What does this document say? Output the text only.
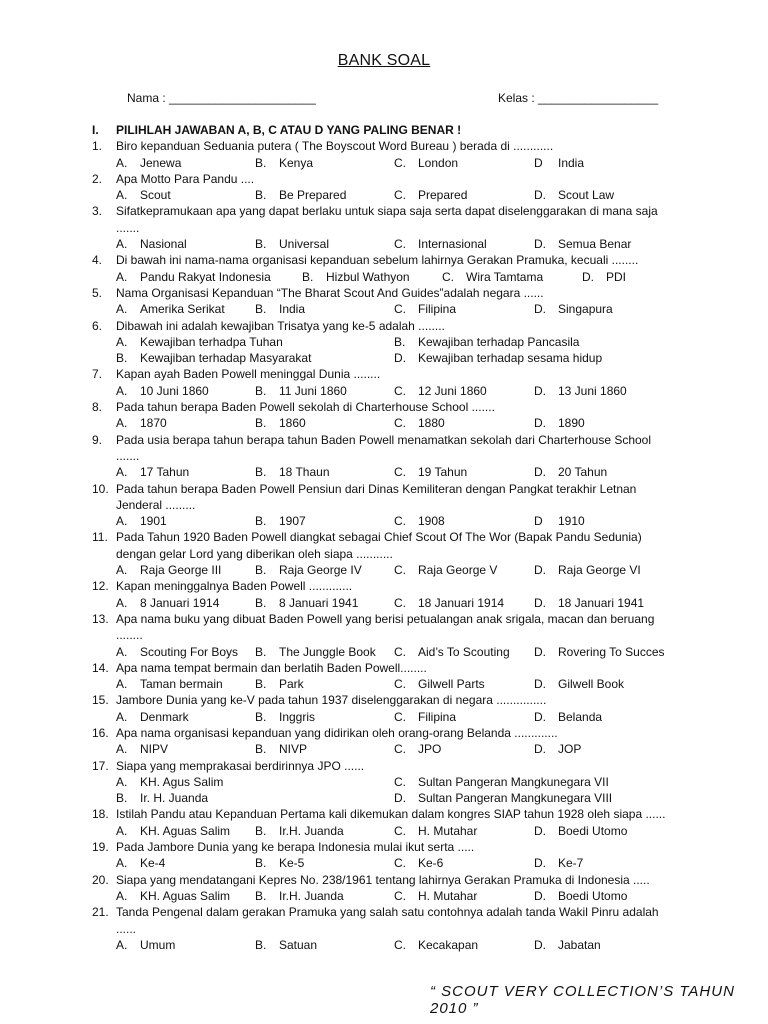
BANK SOAL
Nama : ______________________	Kelas : __________________
I. PILIHLAH JAWABAN A, B, C ATAU D YANG PALING BENAR !
1. Biro kepanduan Seduania putera ( The Boyscout Word Bureau ) berada di ............
A. Jenewa	B. Kenya	C. London	D India
2. Apa Motto Para Pandu ....
A. Scout	B. Be Prepared	C. Prepared	D. Scout Law
3. Sifatkepramukaan apa yang dapat berlaku untuk siapa saja serta dapat diselenggarakan di mana saja
.......
A. Nasional	B. Universal	C. Internasional	D. Semua Benar
4. Di bawah ini nama-nama organisasi kepanduan sebelum lahirnya Gerakan Pramuka, kecuali ........
A. Pandu Rakyat Indonesia	B. Hizbul Wathyon	C. Wira Tamtama	D. PDI
5. Nama Organisasi Kepanduan “The Bharat Scout And Guides”adalah negara ......
A. Amerika Serikat	B. India	C. Filipina	D. Singapura
6. Dibawah ini adalah kewajiban Trisatya yang ke-5 adalah ........
A. Kewajiban terhadpa Tuhan	B. Kewajiban terhadap Pancasila
B. Kewajiban terhadap Masyarakat	D. Kewajiban terhadap sesama hidup
7. Kapan ayah Baden Powell meninggal Dunia ........
A. 10 Juni 1860	B. 11 Juni 1860	C. 12 Juni 1860	D. 13 Juni 1860
8. Pada tahun berapa Baden Powell sekolah di Charterhouse School .......
A. 1870	B. 1860	C. 1880	D. 1890
9. Pada usia berapa tahun berapa tahun Baden Powell menamatkan sekolah dari Charterhouse School
.......
A. 17 Tahun	B. 18 Thaun	C. 19 Tahun	D. 20 Tahun
10. Pada tahun berapa Baden Powell Pensiun dari Dinas Kemiliteran dengan Pangkat terakhir Letnan
Jenderal .........
A. 1901	B. 1907	C. 1908	D 1910
11. Pada Tahun 1920 Baden Powell diangkat sebagai Chief Scout Of The Wor (Bapak Pandu Sedunia)
dengan gelar Lord yang diberikan oleh siapa ...........
A. Raja George III	B. Raja George IV	C. Raja George V	D. Raja George VI
12. Kapan meninggalnya Baden Powell .............
A. 8 Januari 1914	B. 8 Januari 1941	C. 18 Januari 1914 D. 18 Januari 1941
13. Apa nama buku yang dibuat Baden Powell yang berisi petualangan anak srigala, macan dan beruang
........
A. Scouting For Boys B. The Junggle Book C. Aid’s To Scouting D. Rovering To Succes
14. Apa nama tempat bermain dan berlatih Baden Powell........
A. Taman bermain	B. Park	C. Gilwell Parts	D. Gilwell Book
15. Jambore Dunia yang ke-V pada tahun 1937 diselenggarakan di negara ...............
A. Denmark	B. Inggris	C. Filipina	D. Belanda
16. Apa nama organisasi kepanduan yang didirikan oleh orang-orang Belanda .............
A. NIPV	B. NIVP	C. JPO	D. JOP
17. Siapa yang memprakasai berdirinnya JPO ......
A. KH. Agus Salim	C. Sultan Pangeran Mangkunegara VII
B. Ir. H. Juanda	D. Sultan Pangeran Mangkunegara VIII
18. Istilah Pandu atau Kepanduan Pertama kali dikemukan dalam kongres SIAP tahun 1928 oleh siapa ......
A. KH. Aguas Salim B. Ir.H. Juanda	C. H. Mutahar	D. Boedi Utomo
19. Pada Jambore Dunia yang ke berapa Indonesia mulai ikut serta .....
A. Ke-4	B. Ke-5	C. Ke-6	D. Ke-7
20. Siapa yang mendatangani Kepres No. 238/1961 tentang lahirnya Gerakan Pramuka di Indonesia .....
A. KH. Aguas Salim B. Ir.H. Juanda	C. H. Mutahar	D. Boedi Utomo
21. Tanda Pengenal dalam gerakan Pramuka yang salah satu contohnya adalah tanda Wakil Pinru adalah
......
A. Umum	B. Satuan	C. Kecakapan	D. Jabatan
“ SCOUT VERY COLLECTION’S TAHUN 2010 ”
